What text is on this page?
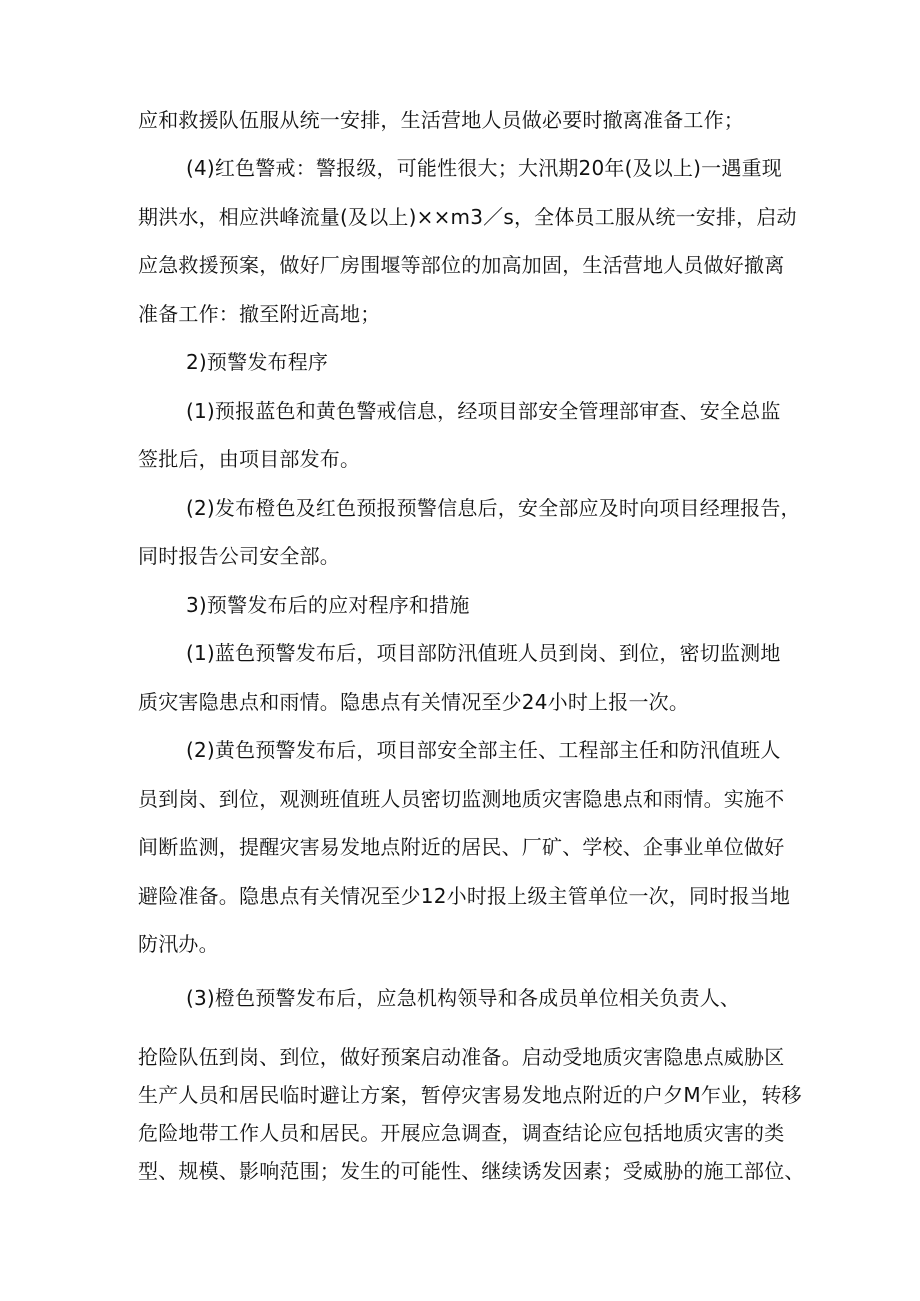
应和救援队伍服从统一安排，生活营地人员做必要时撤离准备工作；
(4)红色警戒：警报级，可能性很大；大汛期20年(及以上)一遇重现
期洪水，相应洪峰流量(及以上)××m3／s，全体员工服从统一安排，启动
应急救援预案，做好厂房围堰等部位的加高加固，生活营地人员做好撤离
准备工作：撤至附近高地；
2)预警发布程序
(1)预报蓝色和黄色警戒信息，经项目部安全管理部审查、安全总监
签批后，由项目部发布。
(2)发布橙色及红色预报预警信息后，安全部应及时向项目经理报告，
同时报告公司安全部。
3)预警发布后的应对程序和措施
(1)蓝色预警发布后，项目部防汛值班人员到岗、到位，密切监测地
质灾害隐患点和雨情。隐患点有关情况至少24小时上报一次。
(2)黄色预警发布后，项目部安全部主任、工程部主任和防汛值班人
员到岗、到位，观测班值班人员密切监测地质灾害隐患点和雨情。实施不
间断监测，提醒灾害易发地点附近的居民、厂矿、学校、企事业单位做好
避险准备。隐患点有关情况至少12小时报上级主管单位一次，同时报当地
防汛办。
(3)橙色预警发布后，应急机构领导和各成员单位相关负责人、
抢险队伍到岗、到位，做好预案启动准备。启动受地质灾害隐患点威胁区
生产人员和居民临时避让方案，暂停灾害易发地点附近的户夕M乍业，转移
危险地带工作人员和居民。开展应急调查，调查结论应包括地质灾害的类
型、规模、影响范围；发生的可能性、继续诱发因素；受威胁的施工部位、
